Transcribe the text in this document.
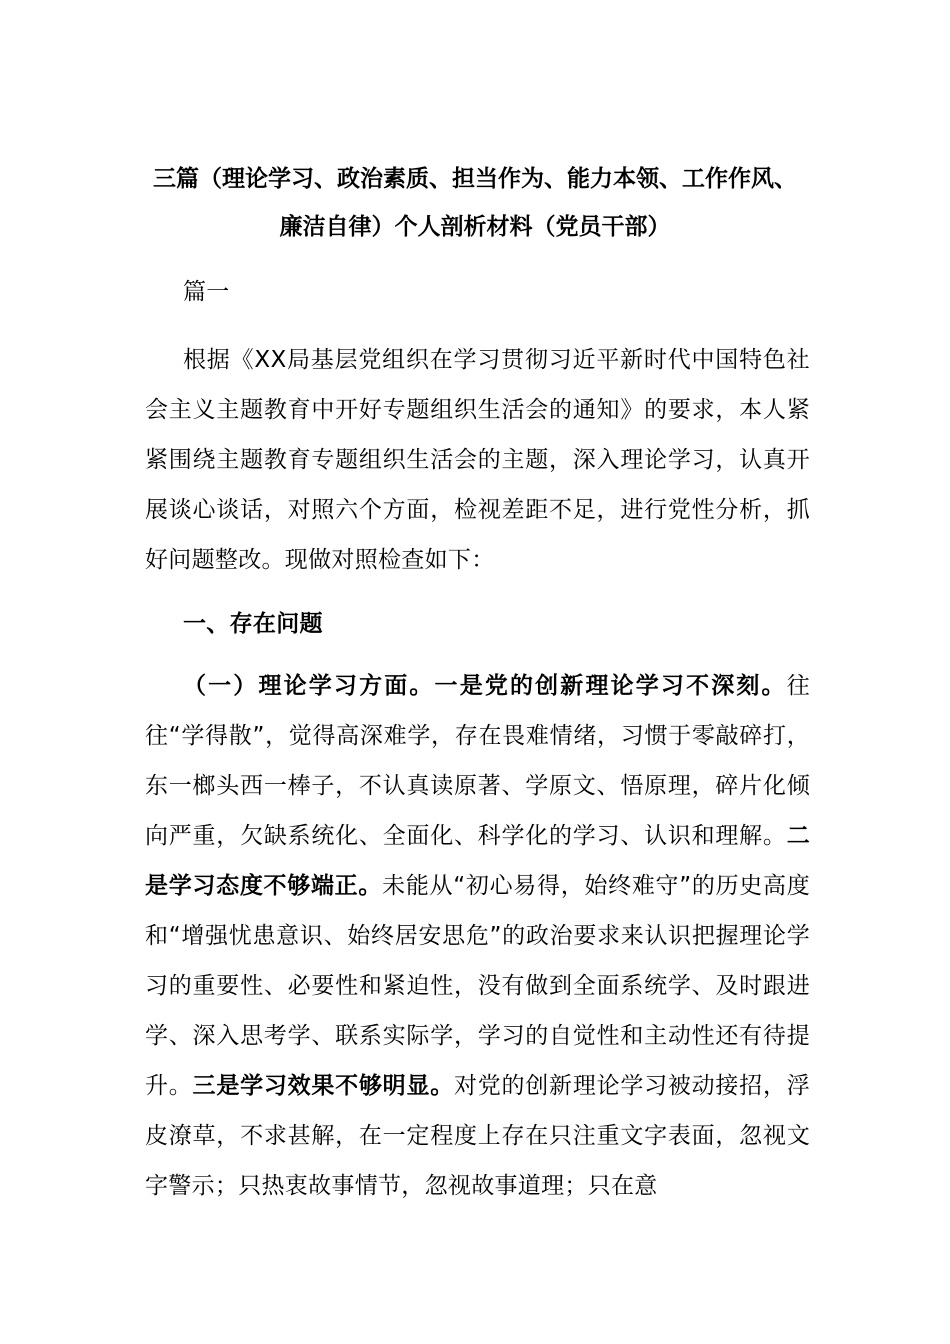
三篇（理论学习、政治素质、担当作为、能力本领、工作作风、
廉洁自律）个人剖析材料（党员干部）

篇一

根据《XX局基层党组织在学习贯彻习近平新时代中国特色社会主义主题教育中开好专题组织生活会的通知》的要求，本人紧紧围绕主题教育专题组织生活会的主题，深入理论学习，认真开展谈心谈话，对照六个方面，检视差距不足，进行党性分析，抓好问题整改。现做对照检查如下：

一、存在问题

（一）理论学习方面。一是党的创新理论学习不深刻。往往“学得散”，觉得高深难学，存在畏难情绪，习惯于零敲碎打，东一榔头西一棒子，不认真读原著、学原文、悟原理，碎片化倾向严重，欠缺系统化、全面化、科学化的学习、认识和理解。二是学习态度不够端正。未能从“初心易得，始终难守”的历史高度和“增强忧患意识、始终居安思危”的政治要求来认识把握理论学习的重要性、必要性和紧迫性，没有做到全面系统学、及时跟进学、深入思考学、联系实际学，学习的自觉性和主动性还有待提升。三是学习效果不够明显。对党的创新理论学习被动接招，浮皮潦草，不求甚解，在一定程度上存在只注重文字表面，忽视文字警示；只热衷故事情节，忽视故事道理；只在意
